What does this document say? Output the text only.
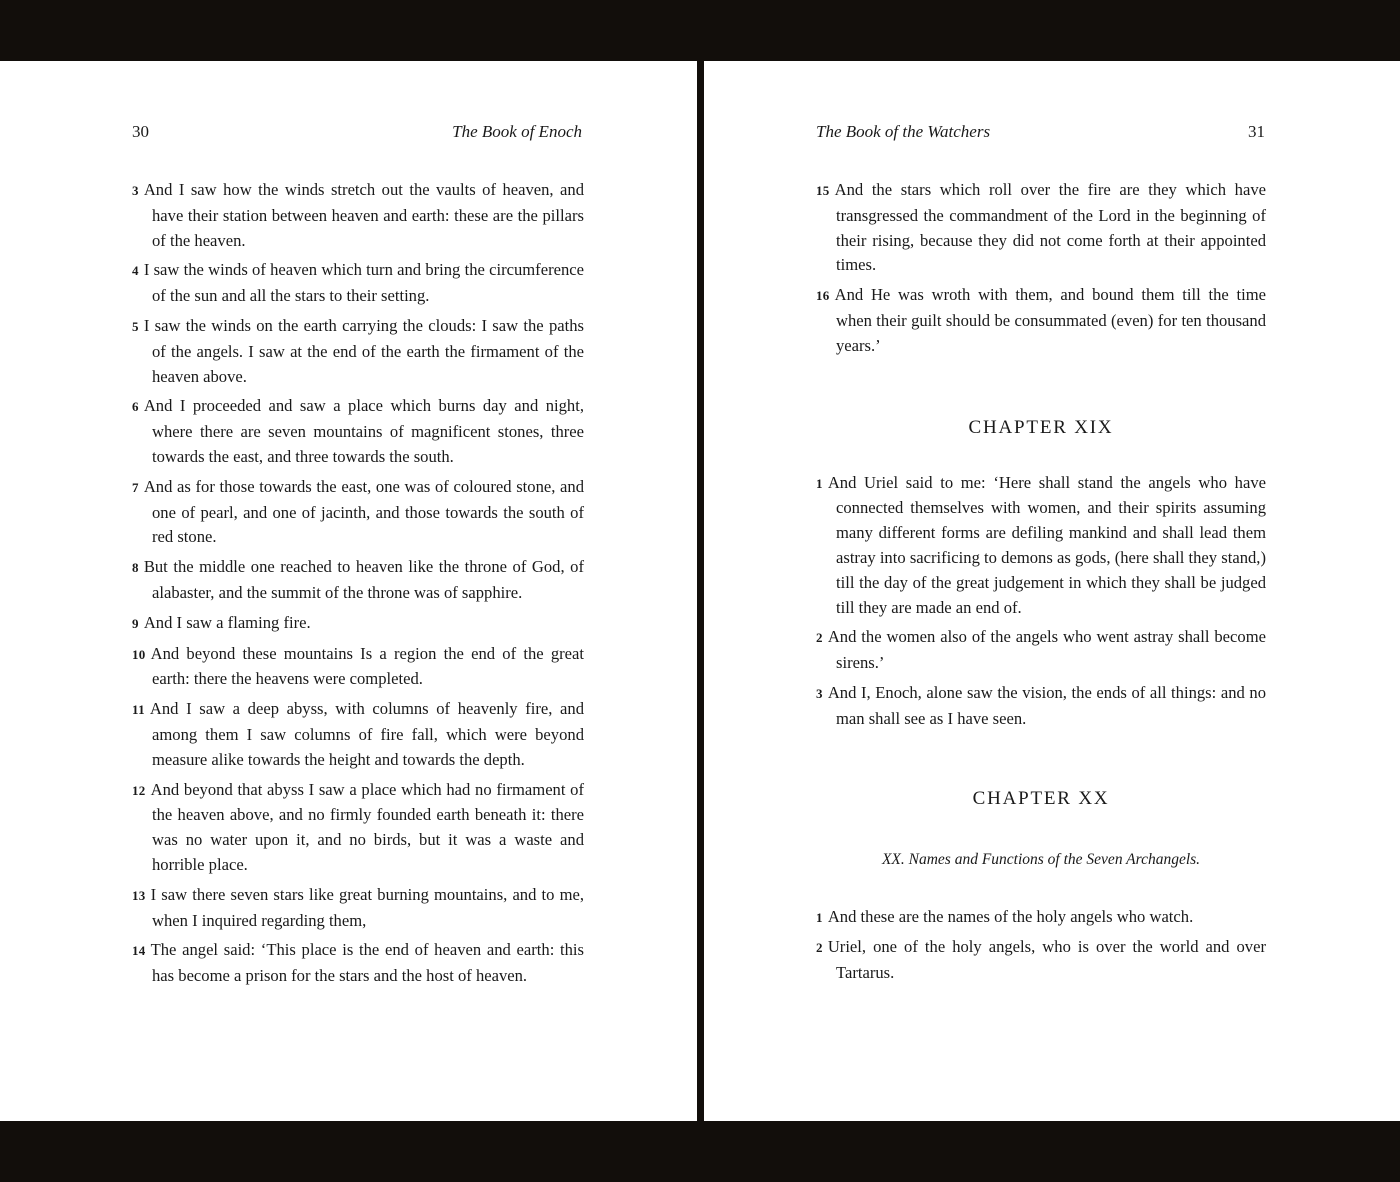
30	The Book of Enoch

3 And I saw how the winds stretch out the vaults of heaven, and have their station between heaven and earth: these are the pillars of the heaven.

4 I saw the winds of heaven which turn and bring the circumference of the sun and all the stars to their setting.

5 I saw the winds on the earth carrying the clouds: I saw the paths of the angels. I saw at the end of the earth the firmament of the heaven above.

6 And I proceeded and saw a place which burns day and night, where there are seven mountains of magnificent stones, three towards the east, and three towards the south.

7 And as for those towards the east, one was of coloured stone, and one of pearl, and one of jacinth, and those towards the south of red stone.

8 But the middle one reached to heaven like the throne of God, of alabaster, and the summit of the throne was of sapphire.

9 And I saw a flaming fire.

10 And beyond these mountains Is a region the end of the great earth: there the heavens were completed.

11 And I saw a deep abyss, with columns of heavenly fire, and among them I saw columns of fire fall, which were beyond measure alike towards the height and towards the depth.

12 And beyond that abyss I saw a place which had no firmament of the heaven above, and no firmly founded earth beneath it: there was no water upon it, and no birds, but it was a waste and horrible place.

13 I saw there seven stars like great burning mountains, and to me, when I inquired regarding them,

14 The angel said: ‘This place is the end of heaven and earth: this has become a prison for the stars and the host of heaven.

The Book of the Watchers	31

15 And the stars which roll over the fire are they which have transgressed the commandment of the Lord in the beginning of their rising, because they did not come forth at their appointed times.

16 And He was wroth with them, and bound them till the time when their guilt should be consummated (even) for ten thousand years.’

CHAPTER XIX

1 And Uriel said to me: ‘Here shall stand the angels who have connected themselves with women, and their spirits assuming many different forms are defiling mankind and shall lead them astray into sacrificing to demons as gods, (here shall they stand,) till the day of the great judgement in which they shall be judged till they are made an end of.

2 And the women also of the angels who went astray shall become sirens.’

3 And I, Enoch, alone saw the vision, the ends of all things: and no man shall see as I have seen.

CHAPTER XX

XX. Names and Functions of the Seven Archangels.

1 And these are the names of the holy angels who watch.

2 Uriel, one of the holy angels, who is over the world and over Tartarus.
